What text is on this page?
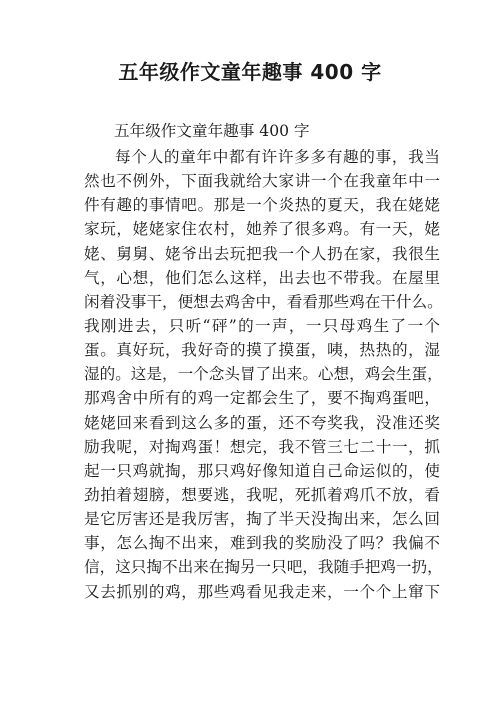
五年级作文童年趣事 400 字

五年级作文童年趣事 400 字

每个人的童年中都有许许多多有趣的事，我当

然也不例外，下面我就给大家讲一个在我童年中一

件有趣的事情吧。那是一个炎热的夏天，我在姥姥

家玩，姥姥家住农村，她养了很多鸡。有一天，姥

姥、舅舅、姥爷出去玩把我一个人扔在家，我很生

气，心想，他们怎么这样，出去也不带我。在屋里

闲着没事干，便想去鸡舍中，看看那些鸡在干什么。

我刚进去，只听“砰”的一声，一只母鸡生了一个

蛋。真好玩，我好奇的摸了摸蛋，咦，热热的，湿

湿的。这是，一个念头冒了出来。心想，鸡会生蛋，

那鸡舍中所有的鸡一定都会生了，要不掏鸡蛋吧，

姥姥回来看到这么多的蛋，还不夸奖我，没准还奖

励我呢，对掏鸡蛋！想完，我不管三七二十一，抓

起一只鸡就掏，那只鸡好像知道自己命运似的，使

劲拍着翅膀，想要逃，我呢，死抓着鸡爪不放，看

是它厉害还是我厉害，掏了半天没掏出来，怎么回

事，怎么掏不出来，难到我的奖励没了吗？我偏不

信，这只掏不出来在掏另一只吧，我随手把鸡一扔，

又去抓别的鸡，那些鸡看见我走来，一个个上窜下
